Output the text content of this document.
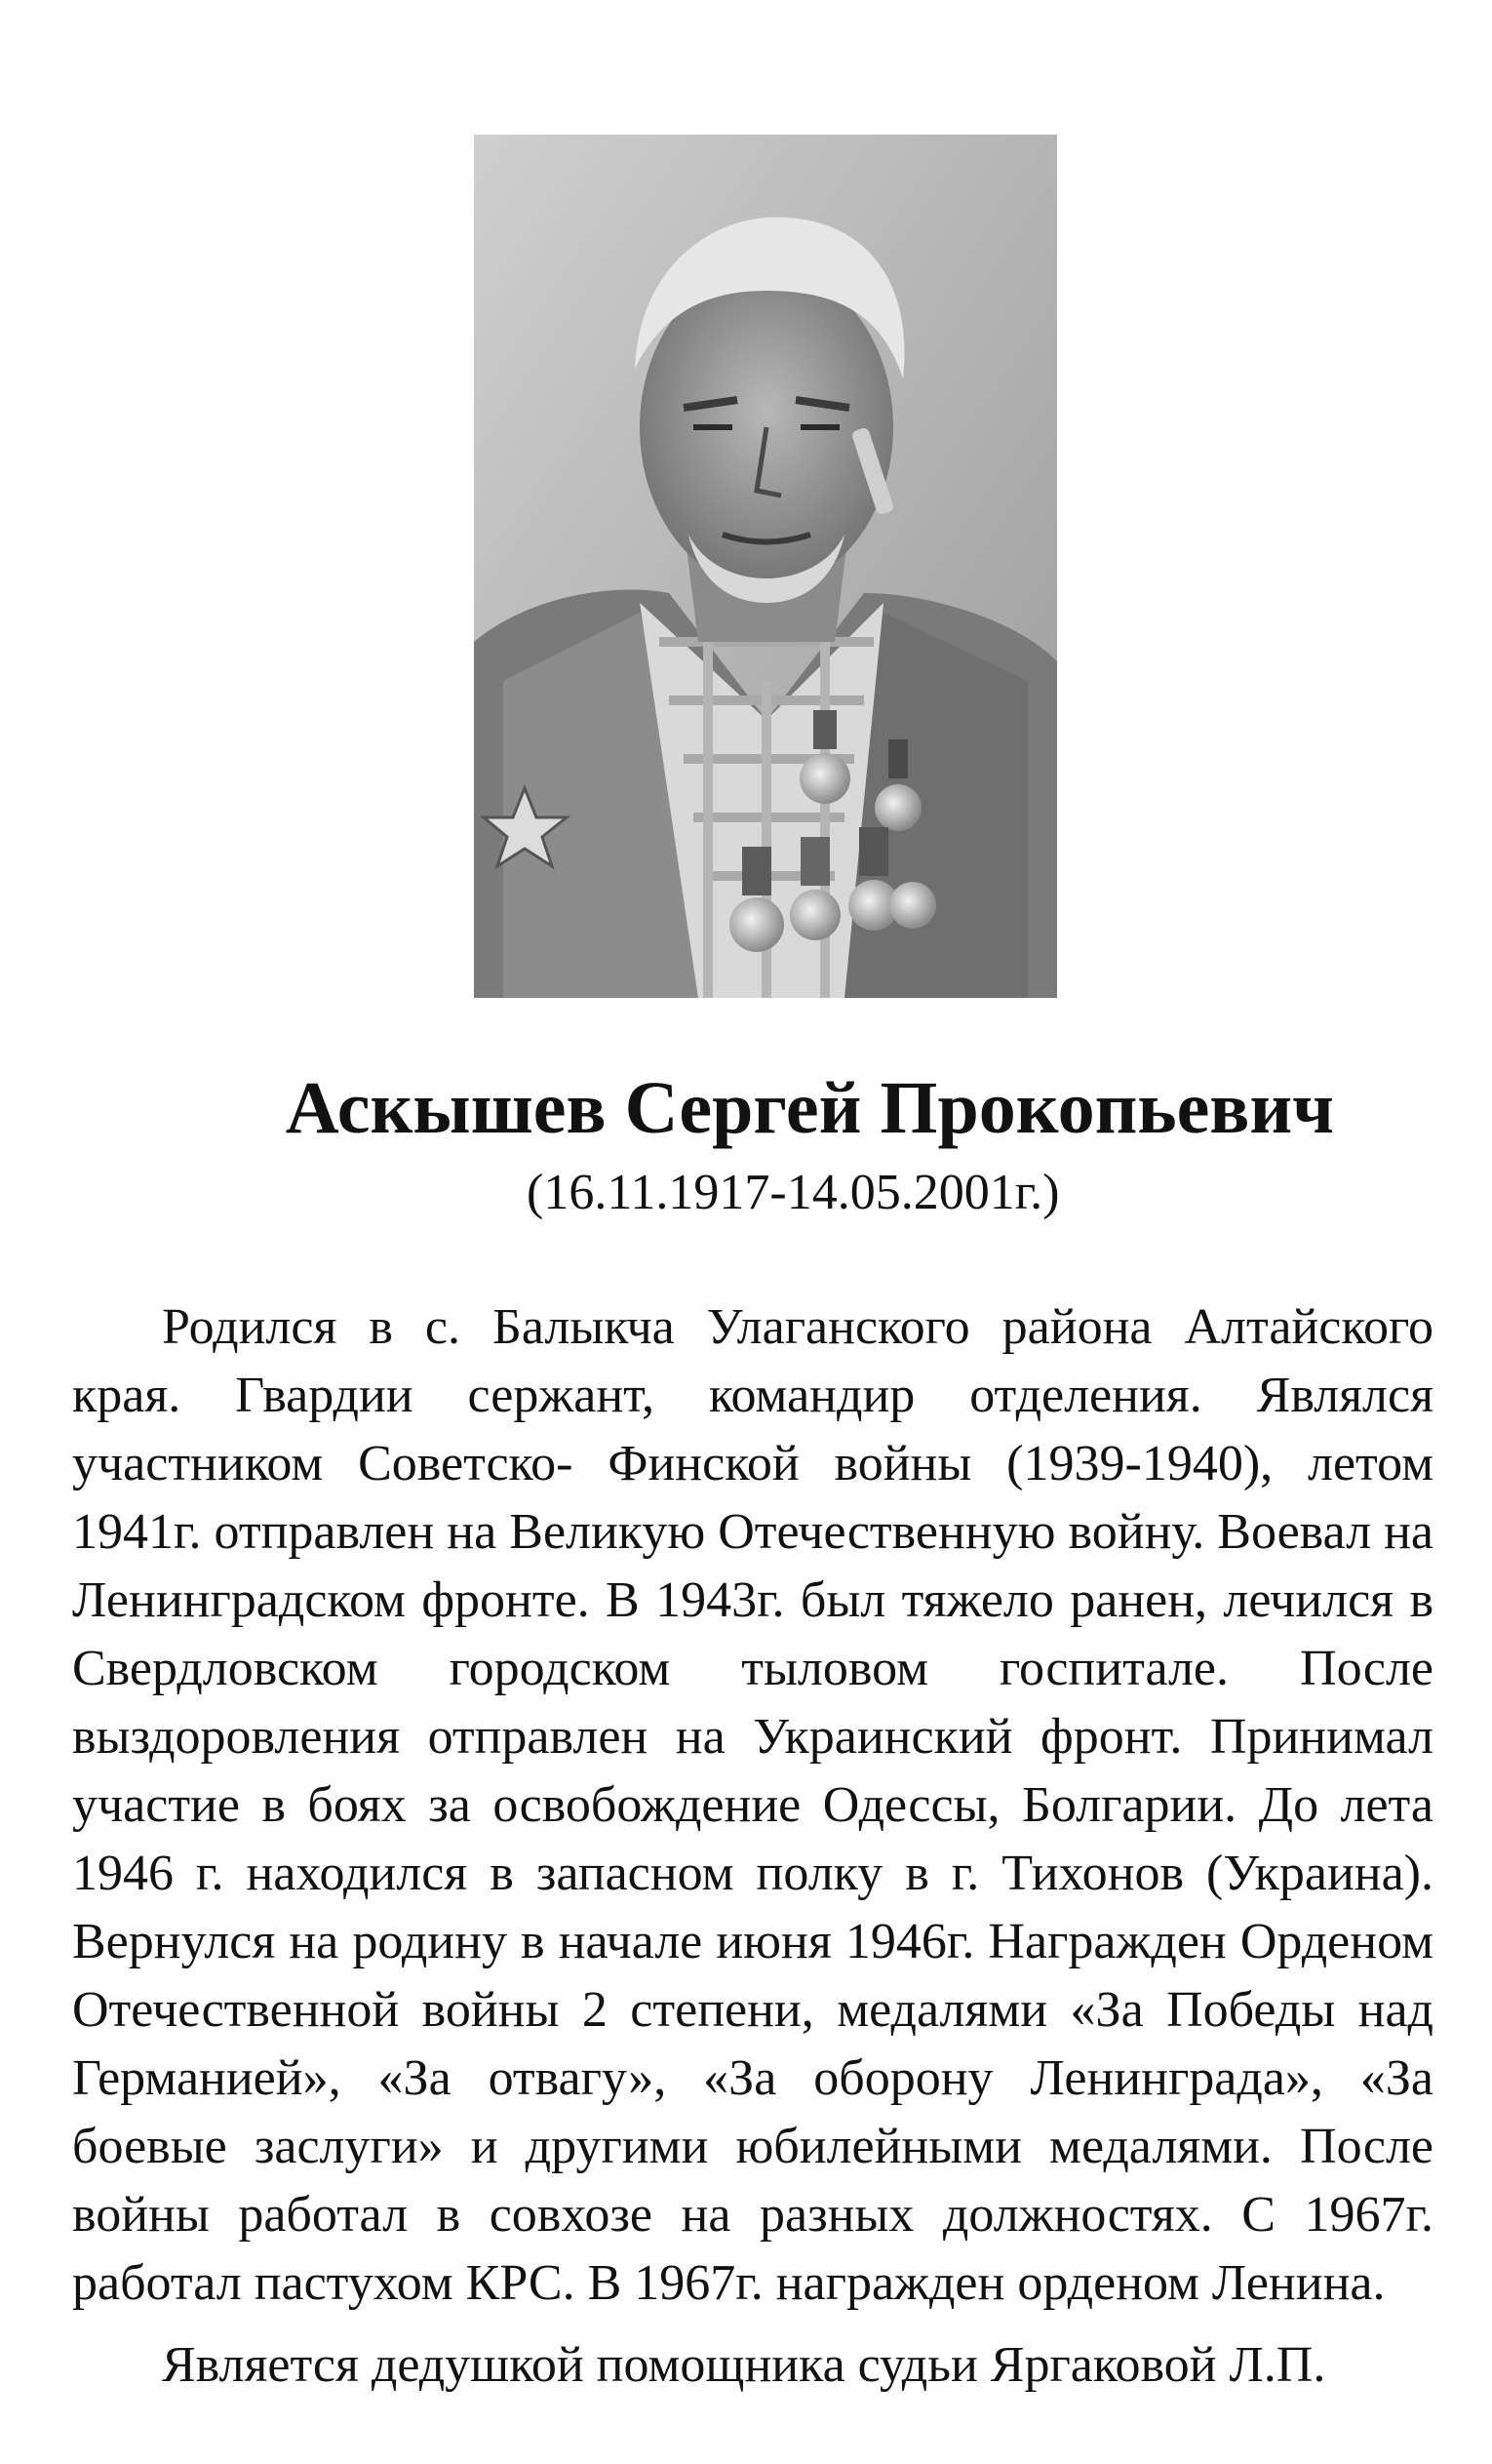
Аскышев Сергей Прокопьевич
(16.11.1917-14.05.2001г.)

Родился в с. Балыкча Улаганского района Алтайского края. Гвардии сержант, командир отделения. Являлся участником Советско- Финской войны (1939-1940), летом 1941г. отправлен на Великую Отечественную войну. Воевал на Ленинградском фронте. В 1943г. был тяжело ранен, лечился в Свердловском городском тыловом госпитале. После выздоровления отправлен на Украинский фронт. Принимал участие в боях за освобождение Одессы, Болгарии. До лета 1946 г. находился в запасном полку в г. Тихонов (Украина). Вернулся на родину в начале июня 1946г. Награжден Орденом Отечественной войны 2 степени, медалями «За Победы над Германией», «За отвагу», «За оборону Ленинграда», «За боевые заслуги» и другими юбилейными медалями. После войны работал в совхозе на разных должностях. С 1967г. работал пастухом КРС. В 1967г. награжден орденом Ленина.

Является дедушкой помощника судьи Яргаковой Л.П.
